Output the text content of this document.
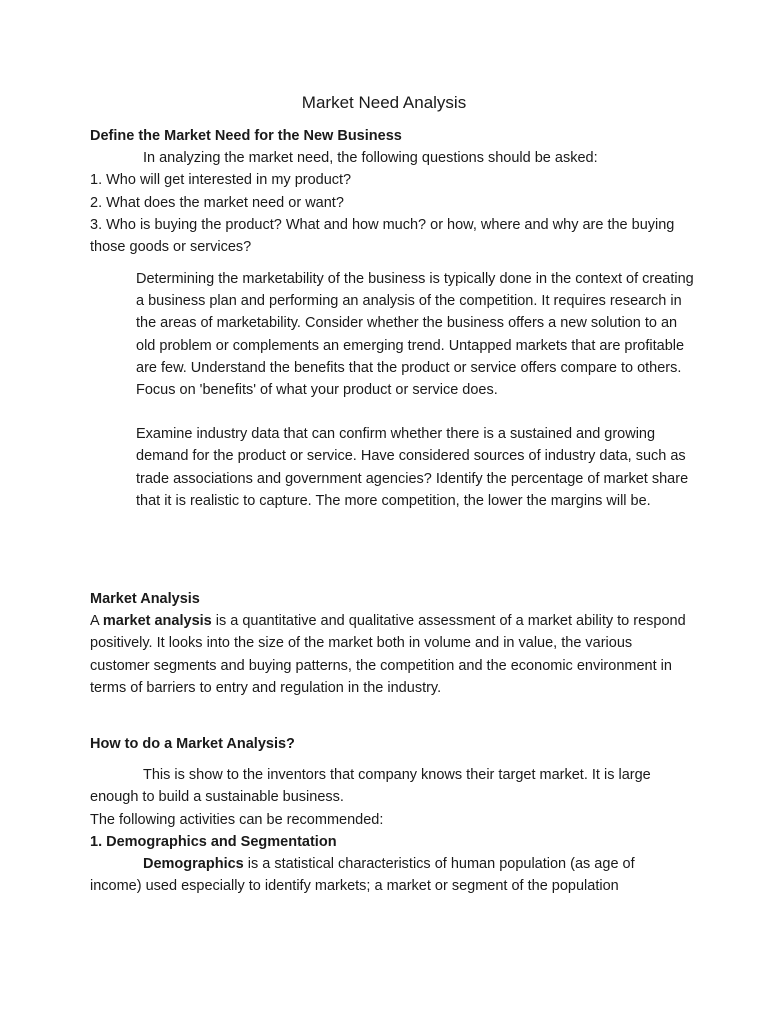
Market Need Analysis

Define the Market Need for the New Business

In analyzing the market need, the following questions should be asked:

1. Who will get interested in my product?

2. What does the market need or want?

3. Who is buying the product? What and how much? or how, where and why are the buying those goods or services?

Determining the marketability of the business is typically done in the context of creating a business plan and performing an analysis of the competition. It requires research in the areas of marketability. Consider whether the business offers a new solution to an old problem or complements an emerging trend. Untapped markets that are profitable are few. Understand the benefits that the product or service offers compare to others. Focus on 'benefits' of what your product or service does.

Examine industry data that can confirm whether there is a sustained and growing demand for the product or service. Have considered sources of industry data, such as trade associations and government agencies? Identify the percentage of market share that it is realistic to capture. The more competition, the lower the margins will be.

Market Analysis

A market analysis is a quantitative and qualitative assessment of a market ability to respond positively. It looks into the size of the market both in volume and in value, the various customer segments and buying patterns, the competition and the economic environment in terms of barriers to entry and regulation in the industry.

How to do a Market Analysis?

This is show to the inventors that company knows their target market. It is large enough to build a sustainable business.

The following activities can be recommended:

1. Demographics and Segmentation

Demographics is a statistical characteristics of human population (as age of income) used especially to identify markets; a market or segment of the population
